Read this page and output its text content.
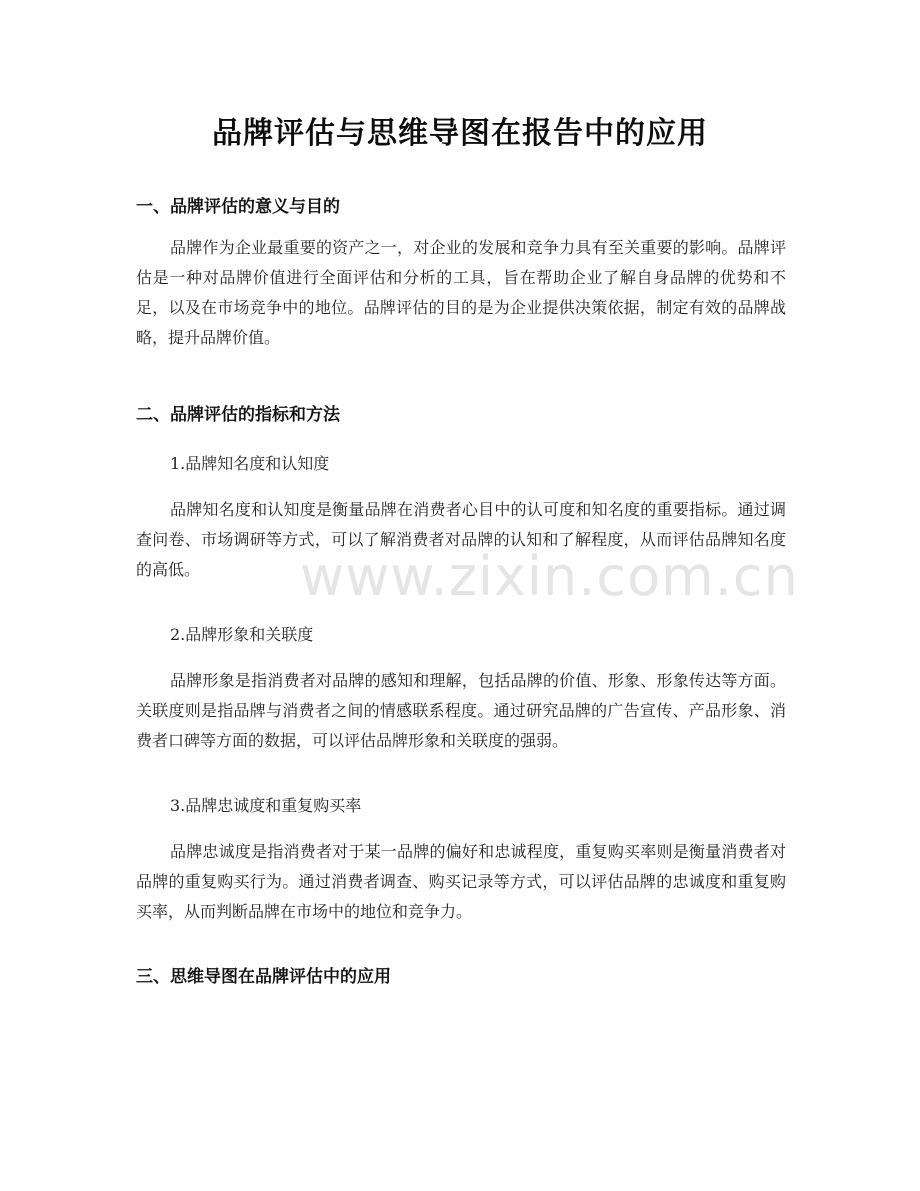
品牌评估与思维导图在报告中的应用
一、品牌评估的意义与目的

品牌作为企业最重要的资产之一，对企业的发展和竞争力具有至关重要的影响。品牌评估是一种对品牌价值进行全面评估和分析的工具，旨在帮助企业了解自身品牌的优势和不足，以及在市场竞争中的地位。品牌评估的目的是为企业提供决策依据，制定有效的品牌战略，提升品牌价值。

二、品牌评估的指标和方法

1.品牌知名度和认知度

品牌知名度和认知度是衡量品牌在消费者心目中的认可度和知名度的重要指标。通过调查问卷、市场调研等方式，可以了解消费者对品牌的认知和了解程度，从而评估品牌知名度的高低。

2.品牌形象和关联度

品牌形象是指消费者对品牌的感知和理解，包括品牌的价值、形象、形象传达等方面。关联度则是指品牌与消费者之间的情感联系程度。通过研究品牌的广告宣传、产品形象、消费者口碑等方面的数据，可以评估品牌形象和关联度的强弱。

3.品牌忠诚度和重复购买率

品牌忠诚度是指消费者对于某一品牌的偏好和忠诚程度，重复购买率则是衡量消费者对品牌的重复购买行为。通过消费者调查、购买记录等方式，可以评估品牌的忠诚度和重复购买率，从而判断品牌在市场中的地位和竞争力。

三、思维导图在品牌评估中的应用
www.zixin.com.cn
